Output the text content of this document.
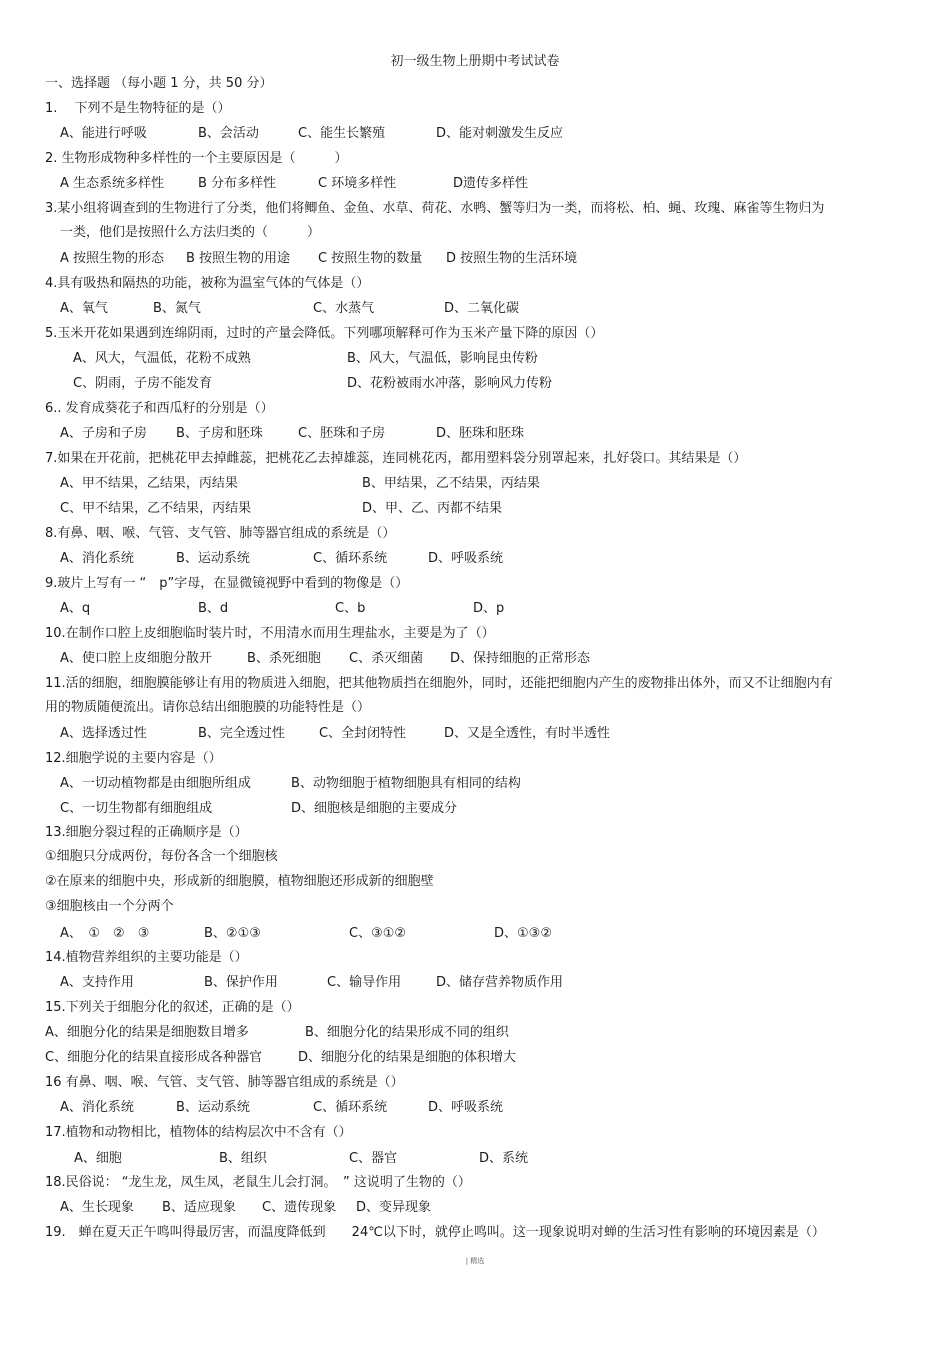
初一级生物上册期中考试试卷
一、选择题 （每小题 1 分，共 50 分）
1.　 下列不是生物特征的是（）
A、能进行呼吸	B、会活动	C、能生长繁殖	D、能对刺激发生反应
2. 生物形成物种多样性的一个主要原因是（　　　）
A 生态系统多样性	B 分布多样性	C 环境多样性	D遗传多样性
3.某小组将调查到的生物进行了分类，他们将鲫鱼、金鱼、水草、荷花、水鸭、蟹等归为一类，而将松、柏、蝇、玫瑰、麻雀等生物归为
一类，他们是按照什么方法归类的（　　　）
A 按照生物的形态 B 按照生物的用途 C 按照生物的数量 D 按照生物的生活环境
4.具有吸热和隔热的功能，被称为温室气体的气体是（）
A、氧气	B、氮气	C、水蒸气	D、二氧化碳
5.玉米开花如果遇到连绵阴雨，过时的产量会降低。下列哪项解释可作为玉米产量下降的原因（）
A、风大，气温低，花粉不成熟	B、风大，气温低，影响昆虫传粉
C、阴雨，子房不能发育	D、花粉被雨水冲落，影响风力传粉
6.. 发育成葵花子和西瓜籽的分别是（）
A、子房和子房 B、子房和胚珠	C、胚珠和子房	D、胚珠和胚珠
7.如果在开花前，把桃花甲去掉雌蕊，把桃花乙去掉雄蕊，连同桃花丙，都用塑料袋分别罩起来，扎好袋口。其结果是（）
A、甲不结果，乙结果，丙结果	B、甲结果，乙不结果，丙结果
C、甲不结果，乙不结果，丙结果	D、甲、乙、丙都不结果
8.有鼻、咽、喉、气管、支气管、肺等器官组成的系统是（）
A、消化系统	B、运动系统	C、循环系统	D、呼吸系统
9.玻片上写有一 “　p”字母，在显微镜视野中看到的物像是（）
A、q	B、d	C、b	D、p
10.在制作口腔上皮细胞临时装片时，不用清水而用生理盐水，主要是为了（）
A、使口腔上皮细胞分散开	B、杀死细胞 C、杀灭细菌 D、保持细胞的正常形态
11.活的细胞，细胞膜能够让有用的物质进入细胞，把其他物质挡在细胞外，同时，还能把细胞内产生的废物排出体外，而又不让细胞内有
用的物质随便流出。请你总结出细胞膜的功能特性是（）
A、选择透过性	B、完全透过性	C、全封闭特性	D、又是全透性，有时半透性
12.细胞学说的主要内容是（）
A、一切动植物都是由细胞所组成	B、动物细胞于植物细胞具有相同的结构
C、一切生物都有细胞组成	D、细胞核是细胞的主要成分
13.细胞分裂过程的正确顺序是（）
①细胞只分成两份，每份各含一个细胞核
②在原来的细胞中央，形成新的细胞膜，植物细胞还形成新的细胞壁
③细胞核由一个分两个
A、　①　②　③	B、②①③	C、③①②	D、①③②
14.植物营养组织的主要功能是（）
A、支持作用	B、保护作用	C、输导作用	D、储存营养物质作用
15.下列关于细胞分化的叙述，正确的是（）
A、细胞分化的结果是细胞数目增多	B、细胞分化的结果形成不同的组织
C、细胞分化的结果直接形成各种器官	D、细胞分化的结果是细胞的体积增大
16 有鼻、咽、喉、气管、支气管、肺等器官组成的系统是（）
A、消化系统	B、运动系统	C、循环系统	D、呼吸系统
17.植物和动物相比，植物体的结构层次中不含有（）
A、细胞	B、组织	C、器官	D、系统
18.民俗说： “龙生龙，凤生凤，老鼠生儿会打洞。　” 这说明了生物的（）
A、生长现象 B、适应现象 C、遗传现象 D、变异现象
19.　蝉在夏天正午鸣叫得最厉害，而温度降低到　　24℃以下时，就停止鸣叫。这一现象说明对蝉的生活习性有影响的环境因素是（）
| 精选
